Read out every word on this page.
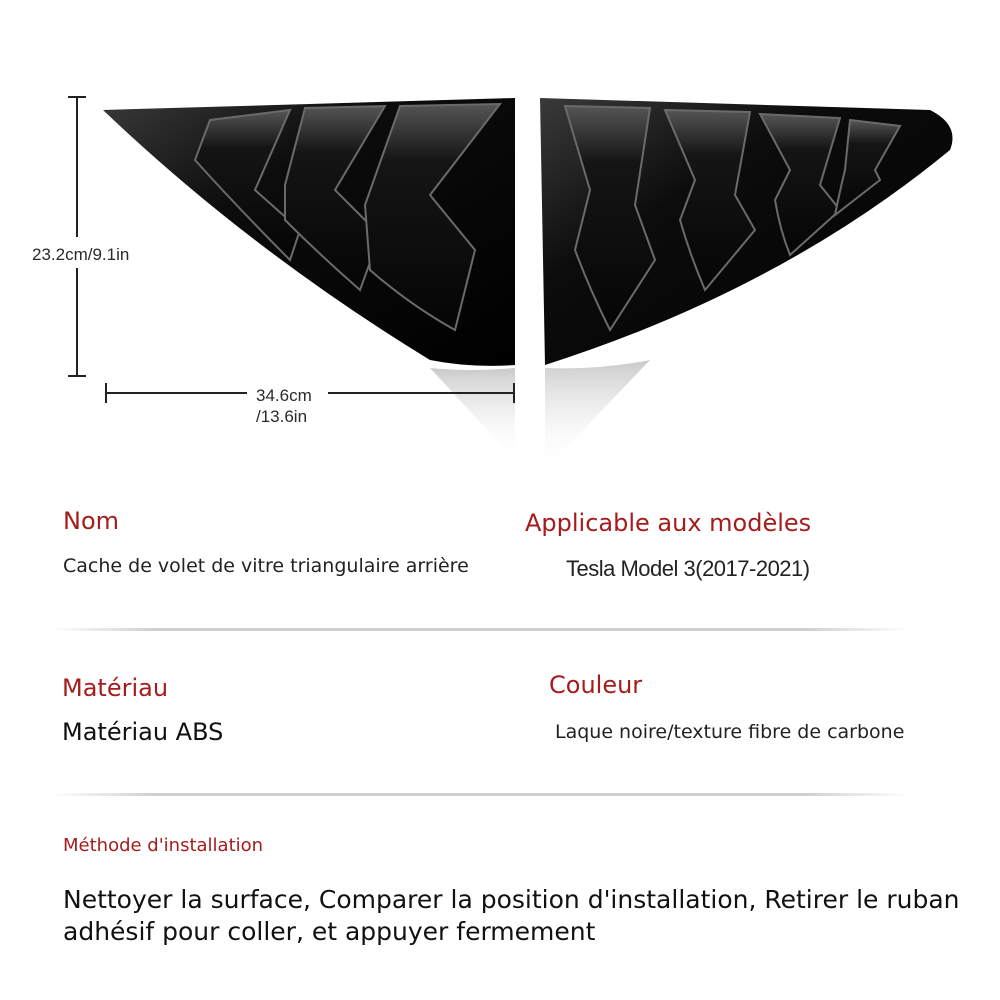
23.2cm/9.1in
34.6cm
/13.6in
Nom
Cache de volet de vitre triangulaire arrière
Applicable aux modèles
Tesla Model 3(2017-2021)
Matériau
Matériau ABS
Couleur
Laque noire/texture fibre de carbone
Méthode d'installation
Nettoyer la surface, Comparer la position d'installation, Retirer le ruban adhésif pour coller, et appuyer fermement
